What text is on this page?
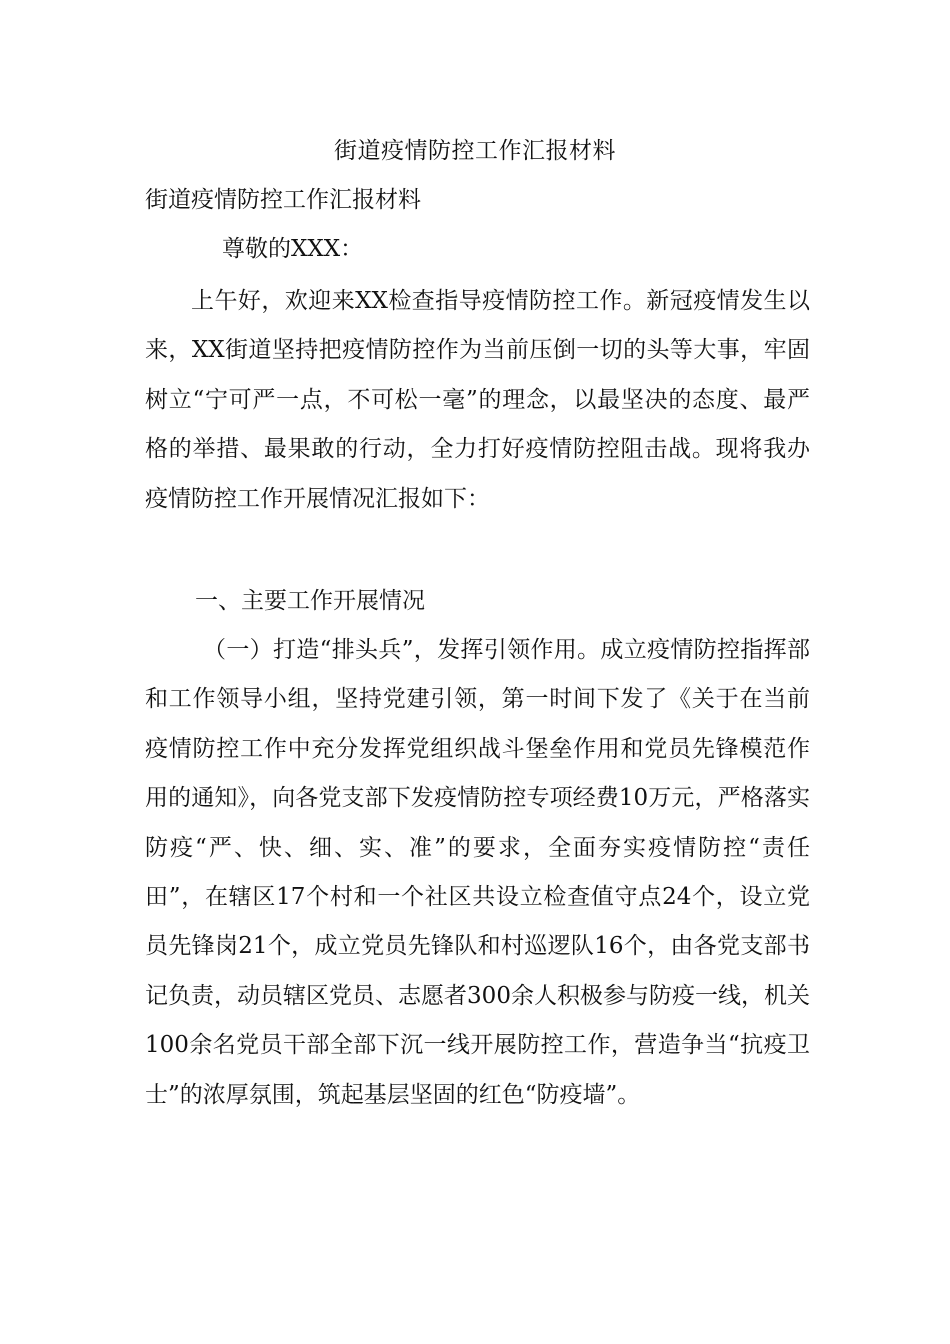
街道疫情防控工作汇报材料
街道疫情防控工作汇报材料
尊敬的XXX：

上午好，欢迎来XX检查指导疫情防控工作。新冠疫情发生以来，XX街道坚持把疫情防控作为当前压倒一切的头等大事，牢固树立“宁可严一点，不可松一毫”的理念，以最坚决的态度、最严格的举措、最果敢的行动，全力打好疫情防控阻击战。现将我办疫情防控工作开展情况汇报如下：

一、主要工作开展情况

（一）打造“排头兵”，发挥引领作用。成立疫情防控指挥部和工作领导小组，坚持党建引领，第一时间下发了《关于在当前疫情防控工作中充分发挥党组织战斗堡垒作用和党员先锋模范作用的通知》，向各党支部下发疫情防控专项经费10万元，严格落实防疫“严、快、细、实、准”的要求，全面夯实疫情防控“责任田”，在辖区17个村和一个社区共设立检查值守点24个，设立党员先锋岗21个，成立党员先锋队和村巡逻队16个，由各党支部书记负责，动员辖区党员、志愿者300余人积极参与防疫一线，机关100余名党员干部全部下沉一线开展防控工作，营造争当“抗疫卫士”的浓厚氛围，筑起基层坚固的红色“防疫墙”。
